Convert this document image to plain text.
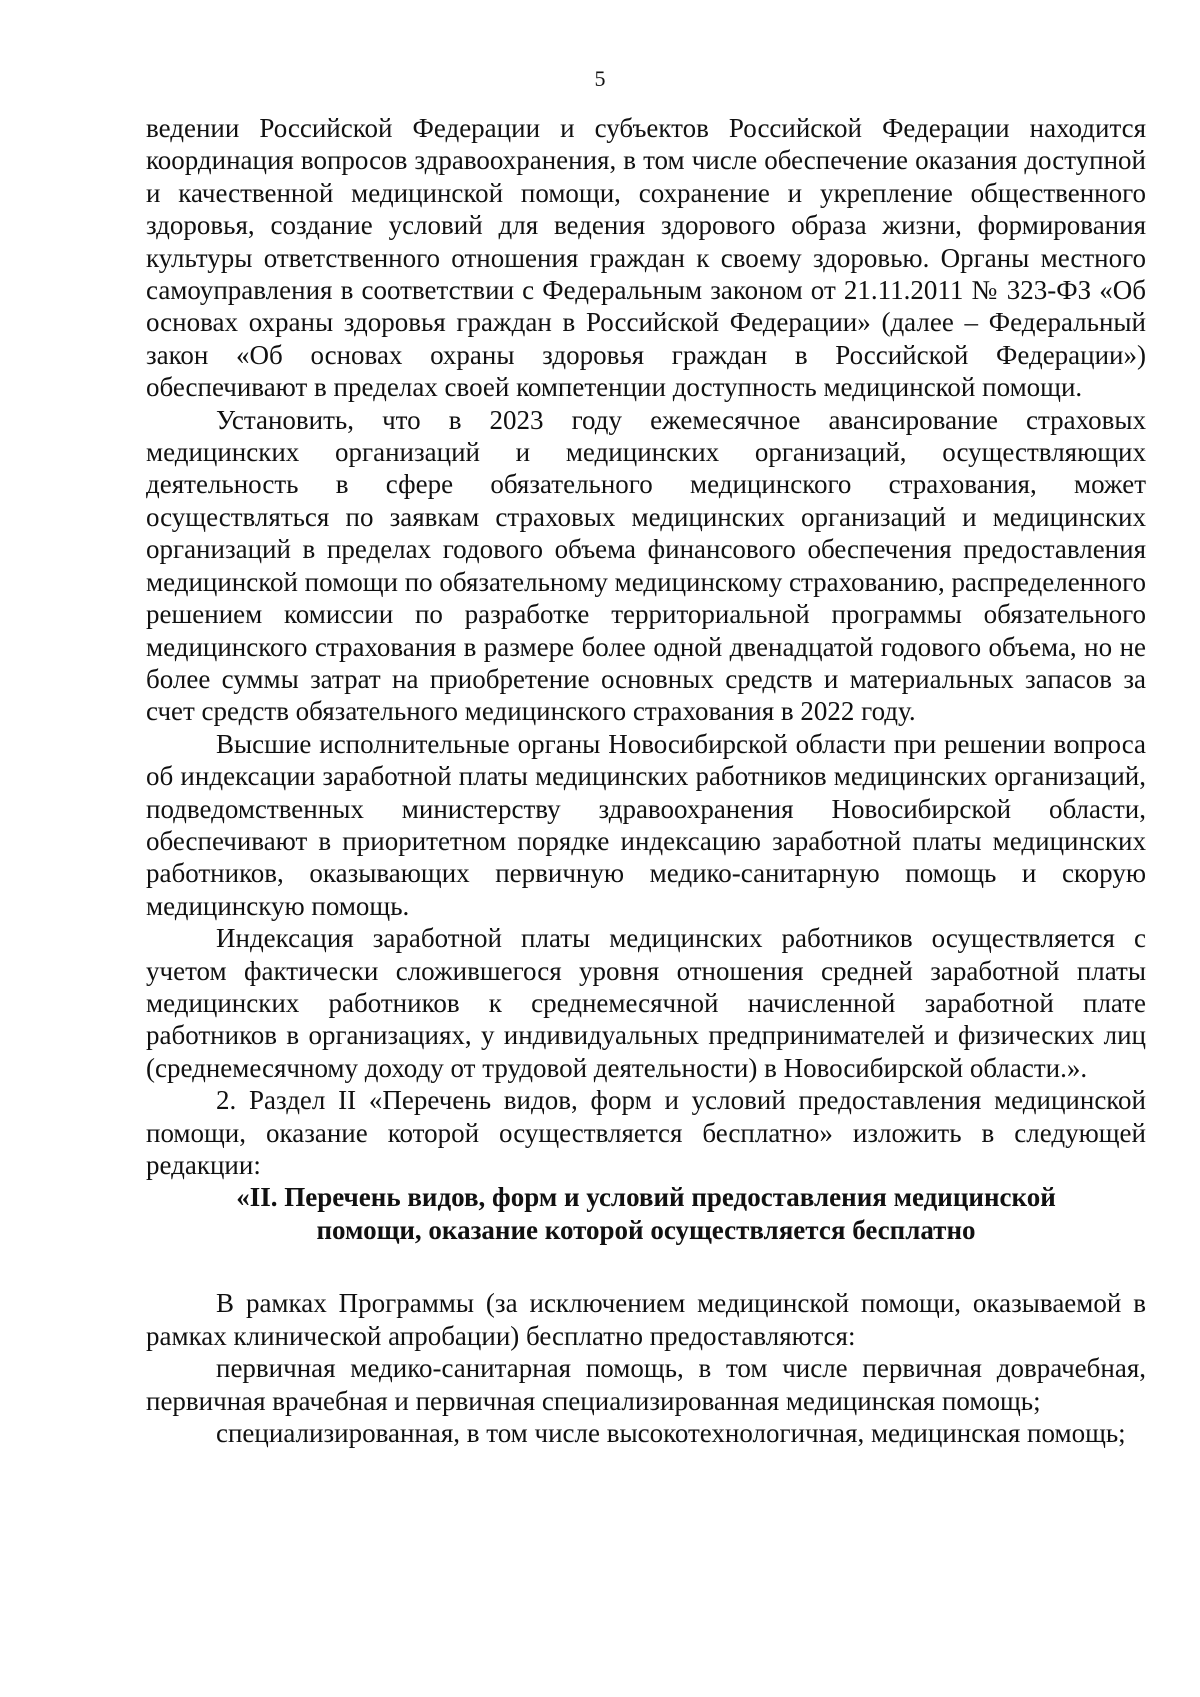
5

ведении Российской Федерации и субъектов Российской Федерации находится координация вопросов здравоохранения, в том числе обеспечение оказания доступной и качественной медицинской помощи, сохранение и укрепление общественного здоровья, создание условий для ведения здорового образа жизни, формирования культуры ответственного отношения граждан к своему здоровью. Органы местного самоуправления в соответствии с Федеральным законом от 21.11.2011 № 323-ФЗ «Об основах охраны здоровья граждан в Российской Федерации» (далее – Федеральный закон «Об основах охраны здоровья граждан в Российской Федерации») обеспечивают в пределах своей компетенции доступность медицинской помощи.

Установить, что в 2023 году ежемесячное авансирование страховых медицинских организаций и медицинских организаций, осуществляющих деятельность в сфере обязательного медицинского страхования, может осуществляться по заявкам страховых медицинских организаций и медицинских организаций в пределах годового объема финансового обеспечения предоставления медицинской помощи по обязательному медицинскому страхованию, распределенного решением комиссии по разработке территориальной программы обязательного медицинского страхования в размере более одной двенадцатой годового объема, но не более суммы затрат на приобретение основных средств и материальных запасов за счет средств обязательного медицинского страхования в 2022 году.

Высшие исполнительные органы Новосибирской области при решении вопроса об индексации заработной платы медицинских работников медицинских организаций, подведомственных министерству здравоохранения Новосибирской области, обеспечивают в приоритетном порядке индексацию заработной платы медицинских работников, оказывающих первичную медико-санитарную помощь и скорую медицинскую помощь.

Индексация заработной платы медицинских работников осуществляется с учетом фактически сложившегося уровня отношения средней заработной платы медицинских работников к среднемесячной начисленной заработной плате работников в организациях, у индивидуальных предпринимателей и физических лиц (среднемесячному доходу от трудовой деятельности) в Новосибирской области.».

2. Раздел II «Перечень видов, форм и условий предоставления медицинской помощи, оказание которой осуществляется бесплатно» изложить в следующей редакции:

«II. Перечень видов, форм и условий предоставления медицинской

помощи, оказание которой осуществляется бесплатно

В рамках Программы (за исключением медицинской помощи, оказываемой в рамках клинической апробации) бесплатно предоставляются:

первичная медико-санитарная помощь, в том числе первичная доврачебная, первичная врачебная и первичная специализированная медицинская помощь;

специализированная, в том числе высокотехнологичная, медицинская помощь;
